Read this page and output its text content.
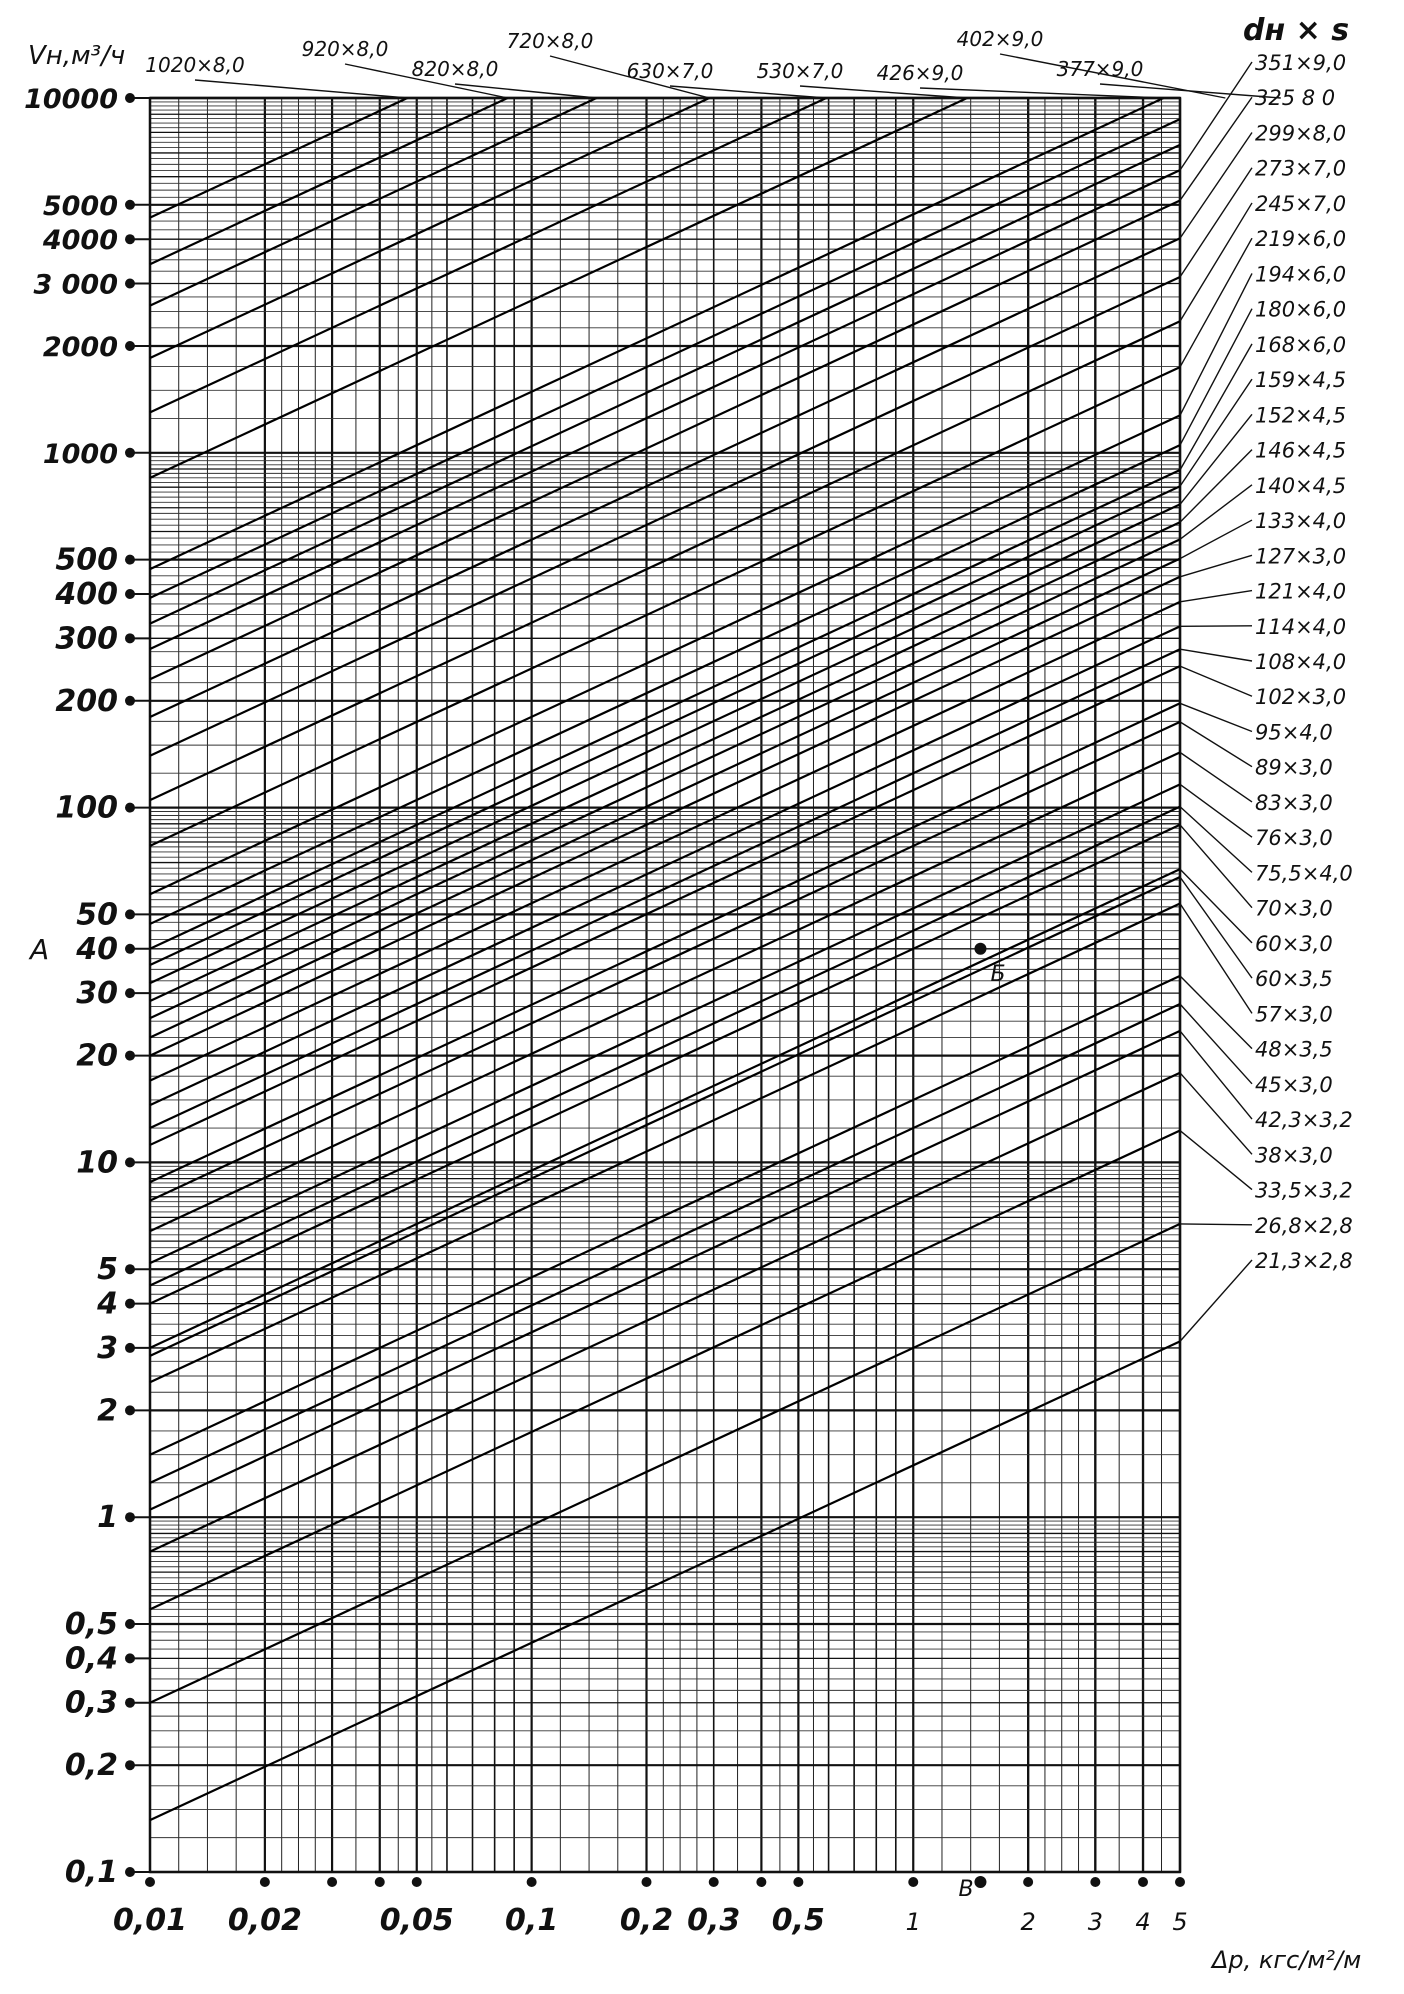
10000
5000
4000
3 000
2000
1000
500
400
300
200
100
50
40
30
20
10
5
4
3
2
1
0,5
0,4
0,3
0,2
0,1
0,01 0,02	0,05 0,1 0,2 0,3 0,5	1	2 3 4 5
351×9,0
325 8 0
299×8,0
273×7,0
245×7,0
219×6,0
194×6,0
180×6,0
168×6,0
159×4,5
152×4,5
146×4,5
140×4,5
133×4,0
127×3,0
121×4,0
114×4,0
108×4,0
102×3,0
95×4,0
89×3,0
83×3,0
76×3,0
75,5×4,0
70×3,0
60×3,0
60×3,5
57×3,0
48×3,5
45×3,0
42,3×3,2
38×3,0
33,5×3,2
26,8×2,8
21,3×2,8
1020×8,0
920×8,0
820×8,0
720×8,0
630×7,0 530×7,0 426×9,0
402×9,0
377×9,0
А
Б
В
Vн,м³/ч
dн × s
Δр, кгс/м²/м
